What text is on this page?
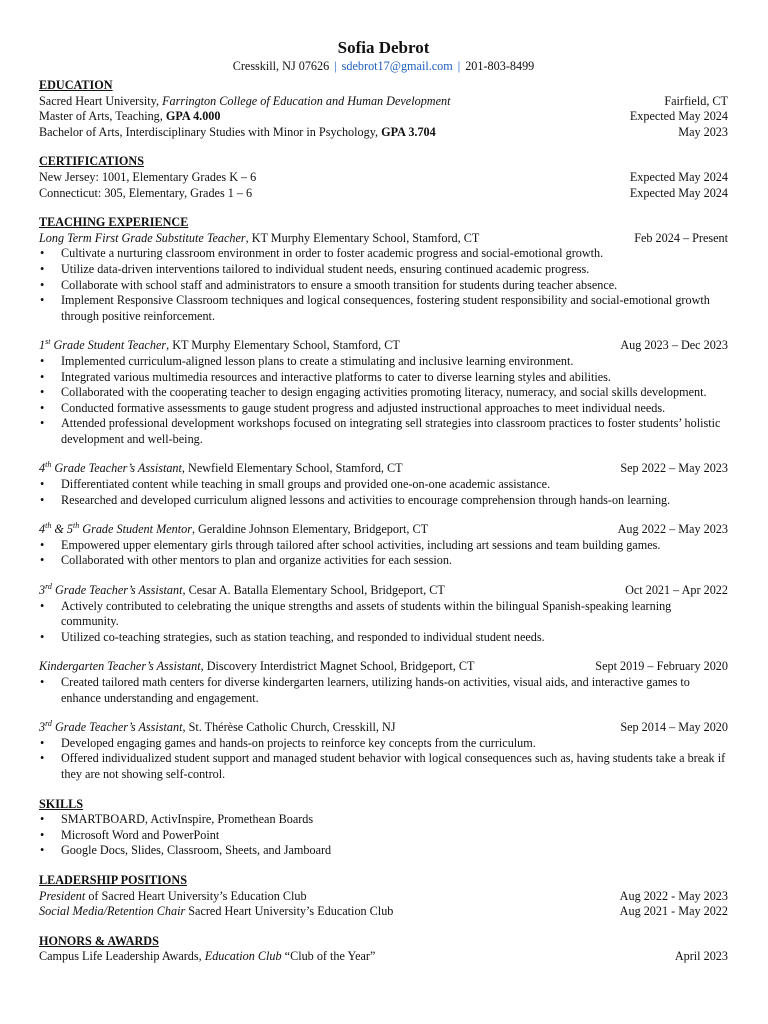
Sofia Debrot
Cresskill, NJ 07626 | sdebrot17@gmail.com | 201-803-8499
EDUCATION
Sacred Heart University, Farrington College of Education and Human Development	Fairfield, CT
Master of Arts, Teaching, GPA 4.000	Expected May 2024
Bachelor of Arts, Interdisciplinary Studies with Minor in Psychology, GPA 3.704	May 2023
CERTIFICATIONS
New Jersey: 1001, Elementary Grades K – 6	Expected May 2024
Connecticut: 305, Elementary, Grades 1 – 6	Expected May 2024
TEACHING EXPERIENCE
Long Term First Grade Substitute Teacher, KT Murphy Elementary School, Stamford, CT	Feb 2024 – Present
• Cultivate a nurturing classroom environment in order to foster academic progress and social-emotional growth.
• Utilize data-driven interventions tailored to individual student needs, ensuring continued academic progress.
• Collaborate with school staff and administrators to ensure a smooth transition for students during teacher absence.
• Implement Responsive Classroom techniques and logical consequences, fostering student responsibility and social-emotional growth through positive reinforcement.
1st Grade Student Teacher, KT Murphy Elementary School, Stamford, CT	Aug 2023 – Dec 2023
• Implemented curriculum-aligned lesson plans to create a stimulating and inclusive learning environment.
• Integrated various multimedia resources and interactive platforms to cater to diverse learning styles and abilities.
• Collaborated with the cooperating teacher to design engaging activities promoting literacy, numeracy, and social skills development.
• Conducted formative assessments to gauge student progress and adjusted instructional approaches to meet individual needs.
• Attended professional development workshops focused on integrating sell strategies into classroom practices to foster students’ holistic development and well-being.
4th Grade Teacher’s Assistant, Newfield Elementary School, Stamford, CT	Sep 2022 – May 2023
• Differentiated content while teaching in small groups and provided one-on-one academic assistance.
• Researched and developed curriculum aligned lessons and activities to encourage comprehension through hands-on learning.
4th & 5th Grade Student Mentor, Geraldine Johnson Elementary, Bridgeport, CT	Aug 2022 – May 2023
• Empowered upper elementary girls through tailored after school activities, including art sessions and team building games.
• Collaborated with other mentors to plan and organize activities for each session.
3rd Grade Teacher’s Assistant, Cesar A. Batalla Elementary School, Bridgeport, CT	Oct 2021 – Apr 2022
• Actively contributed to celebrating the unique strengths and assets of students within the bilingual Spanish-speaking learning community.
• Utilized co-teaching strategies, such as station teaching, and responded to individual student needs.
Kindergarten Teacher’s Assistant, Discovery Interdistrict Magnet School, Bridgeport, CT	Sept 2019 – February 2020
• Created tailored math centers for diverse kindergarten learners, utilizing hands-on activities, visual aids, and interactive games to enhance understanding and engagement.
3rd Grade Teacher’s Assistant, St. Thérèse Catholic Church, Cresskill, NJ	Sep 2014 – May 2020
• Developed engaging games and hands-on projects to reinforce key concepts from the curriculum.
• Offered individualized student support and managed student behavior with logical consequences such as, having students take a break if they are not showing self-control.
SKILLS
• SMARTBOARD, ActivInspire, Promethean Boards
• Microsoft Word and PowerPoint
• Google Docs, Slides, Classroom, Sheets, and Jamboard
LEADERSHIP POSITIONS
President of Sacred Heart University’s Education Club	Aug 2022 - May 2023
Social Media/Retention Chair Sacred Heart University’s Education Club	Aug 2021 - May 2022
HONORS & AWARDS
Campus Life Leadership Awards, Education Club “Club of the Year”	April 2023
